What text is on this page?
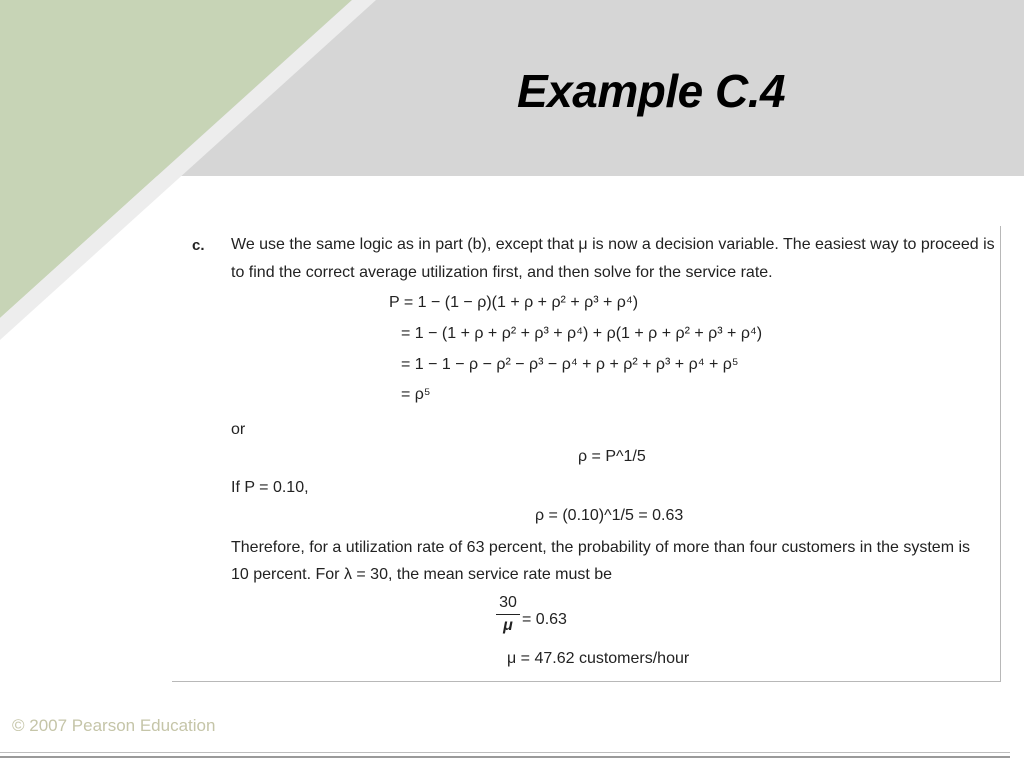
Example C.4
c. We use the same logic as in part (b), except that μ is now a decision variable. The easiest way to proceed is
to find the correct average utilization first, and then solve for the service rate.
P = 1 − (1 − ρ)(1 + ρ + ρ² + ρ³ + ρ⁴)
= 1 − (1 + ρ + ρ² + ρ³ + ρ⁴) + ρ(1 + ρ + ρ² + ρ³ + ρ⁴)
= 1 − 1 − ρ − ρ² − ρ³ − ρ⁴ + ρ + ρ² + ρ³ + ρ⁴ + ρ⁵
= ρ⁵
or
ρ = P^1/5
If P = 0.10,
ρ = (0.10)^1/5 = 0.63
Therefore, for a utilization rate of 63 percent, the probability of more than four customers in the system is
10 percent. For λ = 30, the mean service rate must be
30
μ = 0.63
μ = 47.62 customers/hour
© 2007 Pearson Education
